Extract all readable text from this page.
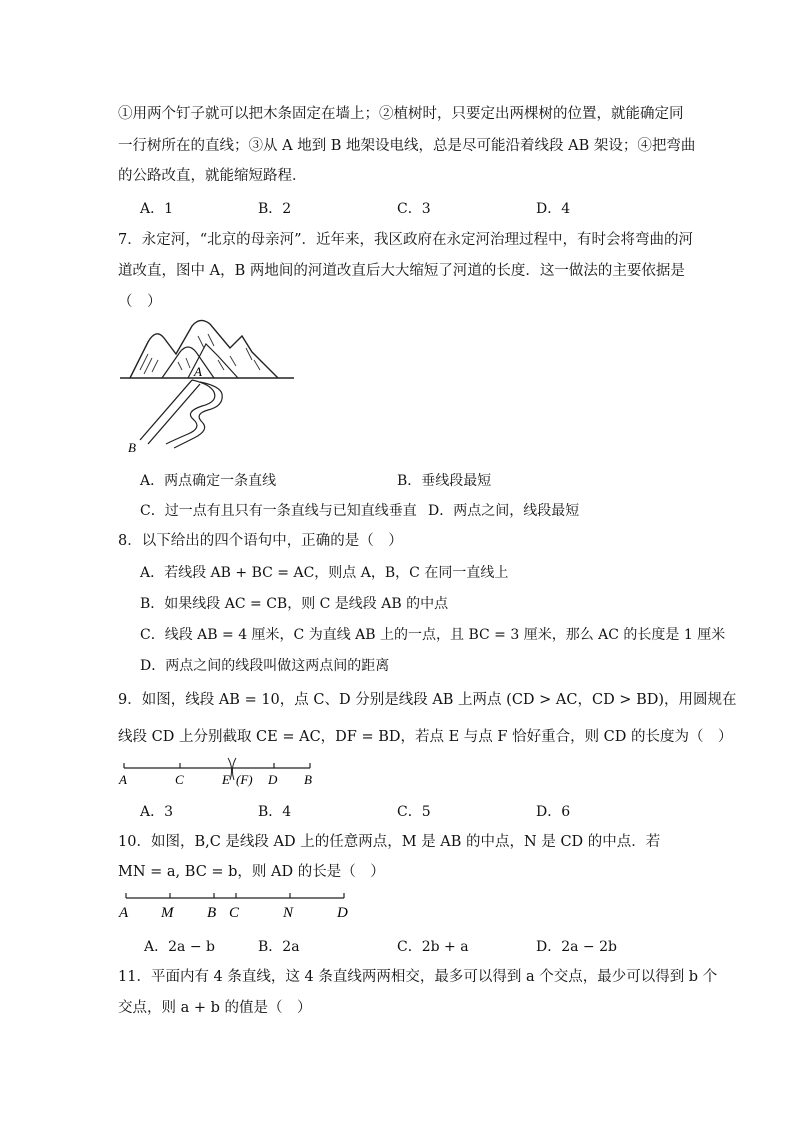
①用两个钉子就可以把木条固定在墙上；②植树时，只要定出两棵树的位置，就能确定同
一行树所在的直线；③从 A 地到 B 地架设电线，总是尽可能沿着线段 AB 架设；④把弯曲
的公路改直，就能缩短路程．
A．1	B．2	C．3	D．4
7．永定河，“北京的母亲河”．近年来，我区政府在永定河治理过程中，有时会将弯曲的河
道改直，图中 A，B 两地间的河道改直后大大缩短了河道的长度．这一做法的主要依据是
（　）
A
B
A．两点确定一条直线	B．垂线段最短
C．过一点有且只有一条直线与已知直线垂直 D．两点之间，线段最短
8．以下给出的四个语句中，正确的是（　）
A．若线段 AB + BC = AC，则点 A，B，C 在同一直线上
B．如果线段 AC = CB，则 C 是线段 AB 的中点
C．线段 AB = 4 厘米，C 为直线 AB 上的一点，且 BC = 3 厘米，那么 AC 的长度是 1 厘米
D．两点之间的线段叫做这两点间的距离
9．如图，线段 AB = 10，点 C、D 分别是线段 AB 上两点 (CD > AC，CD > BD)，用圆规在
线段 CD 上分别截取 CE = AC，DF = BD，若点 E 与点 F 恰好重合，则 CD 的长度为（　）
A	C	E (F) D B
A．3	B．4	C．5	D．6
10．如图，B,C 是线段 AD 上的任意两点，M 是 AB 的中点，N 是 CD 的中点．若
MN = a, BC = b，则 AD 的长是（　）
A M B C	N	D
A．2a − b	B．2a	C．2b + a	D．2a − 2b
11．平面内有 4 条直线，这 4 条直线两两相交，最多可以得到 a 个交点，最少可以得到 b 个
交点，则 a + b 的值是（　）
